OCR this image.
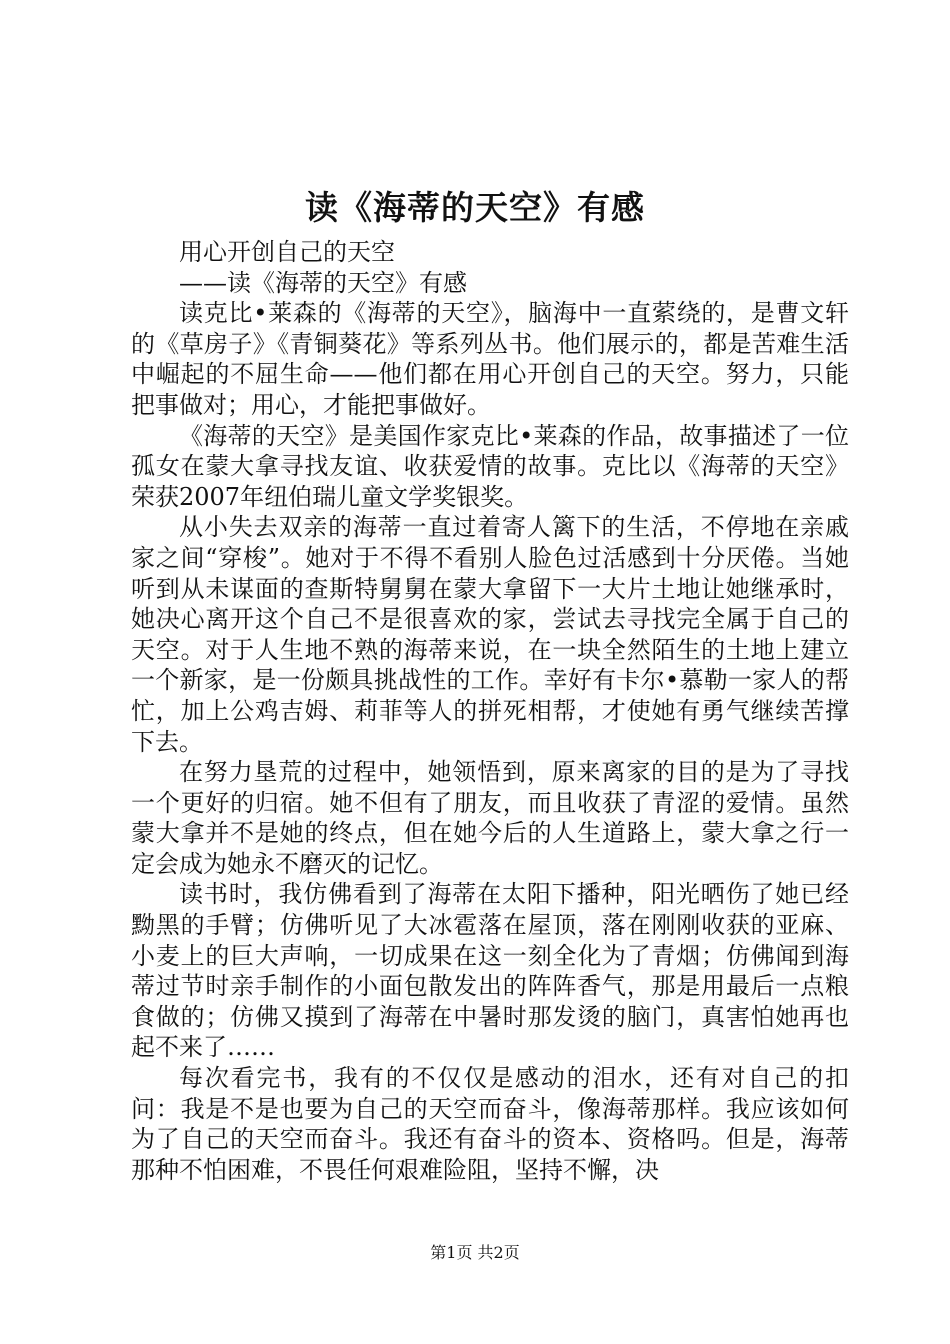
读《海蒂的天空》有感

用心开创自己的天空

——读《海蒂的天空》有感

读克比•莱森的《海蒂的天空》，脑海中一直萦绕的，是曹文轩的《草房子》《青铜葵花》等系列丛书。他们展示的，都是苦难生活中崛起的不屈生命——他们都在用心开创自己的天空。努力，只能把事做对；用心，才能把事做好。

《海蒂的天空》是美国作家克比•莱森的作品，故事描述了一位孤女在蒙大拿寻找友谊、收获爱情的故事。克比以《海蒂的天空》荣获2007年纽伯瑞儿童文学奖银奖。

从小失去双亲的海蒂一直过着寄人篱下的生活，不停地在亲戚家之间“穿梭”。她对于不得不看别人脸色过活感到十分厌倦。当她听到从未谋面的查斯特舅舅在蒙大拿留下一大片土地让她继承时，她决心离开这个自己不是很喜欢的家，尝试去寻找完全属于自己的天空。对于人生地不熟的海蒂来说，在一块全然陌生的土地上建立一个新家，是一份颇具挑战性的工作。幸好有卡尔•慕勒一家人的帮忙，加上公鸡吉姆、莉菲等人的拼死相帮，才使她有勇气继续苦撑下去。

在努力垦荒的过程中，她领悟到，原来离家的目的是为了寻找一个更好的归宿。她不但有了朋友，而且收获了青涩的爱情。虽然蒙大拿并不是她的终点，但在她今后的人生道路上，蒙大拿之行一定会成为她永不磨灭的记忆。

读书时，我仿佛看到了海蒂在太阳下播种，阳光晒伤了她已经黝黑的手臂；仿佛听见了大冰雹落在屋顶，落在刚刚收获的亚麻、小麦上的巨大声响，一切成果在这一刻全化为了青烟；仿佛闻到海蒂过节时亲手制作的小面包散发出的阵阵香气，那是用最后一点粮食做的；仿佛又摸到了海蒂在中暑时那发烫的脑门，真害怕她再也起不来了……

每次看完书，我有的不仅仅是感动的泪水，还有对自己的扣问：我是不是也要为自己的天空而奋斗，像海蒂那样。我应该如何为了自己的天空而奋斗。我还有奋斗的资本、资格吗。但是，海蒂那种不怕困难，不畏任何艰难险阻，坚持不懈，决

第1页 共2页
